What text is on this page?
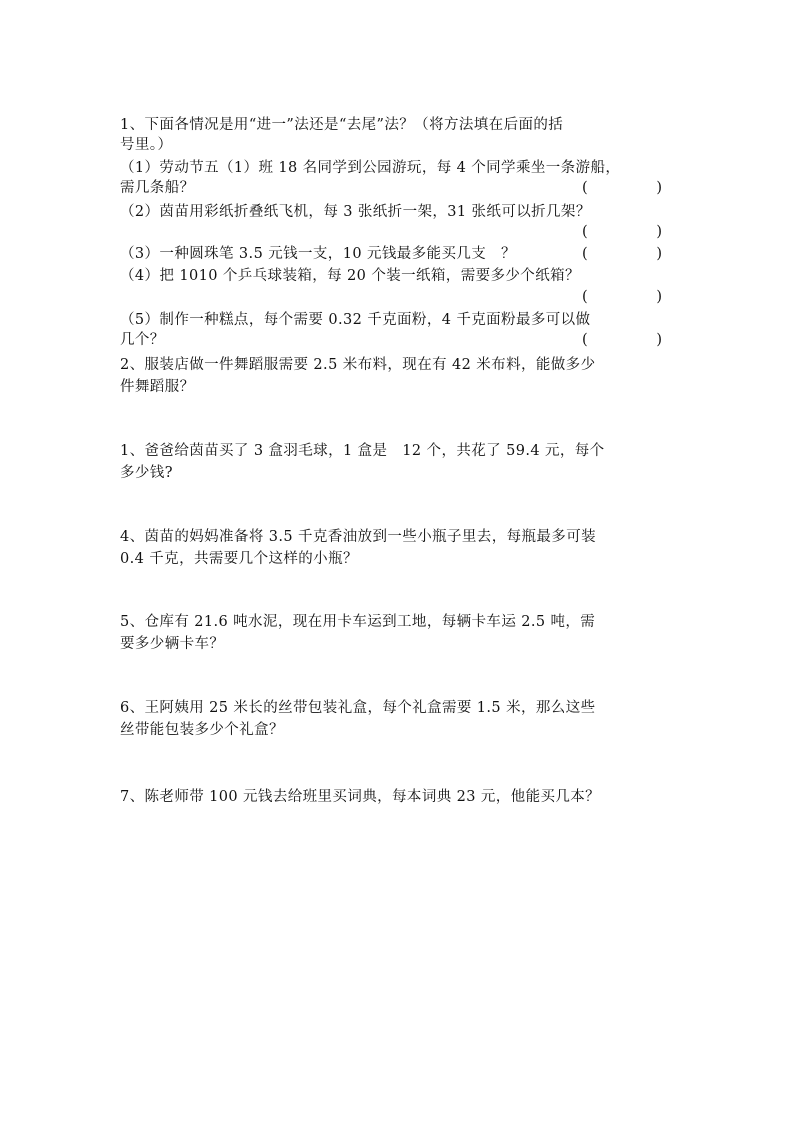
1、下面各情况是用“进一”法还是“去尾”法？（将方法填在后面的括
号里。）
（1）劳动节五（1）班 18 名同学到公园游玩，每 4 个同学乘坐一条游船，
需几条船？	(	)
（2）茵苗用彩纸折叠纸飞机，每 3 张纸折一架，31 张纸可以折几架？
(	)
（3）一种圆珠笔 3.5 元钱一支，10 元钱最多能买几支　？	(	)
（4）把 1010 个乒乓球装箱，每 20 个装一纸箱，需要多少个纸箱？
(	)
（5）制作一种糕点，每个需要 0.32 千克面粉，4 千克面粉最多可以做
几个？	(	)
2、服装店做一件舞蹈服需要 2.5 米布料，现在有 42 米布料，能做多少
件舞蹈服？
1、爸爸给茵苗买了 3 盒羽毛球，1 盒是　12 个，共花了 59.4 元，每个
多少钱?
4、茵苗的妈妈准备将 3.5 千克香油放到一些小瓶子里去，每瓶最多可装
0.4 千克，共需要几个这样的小瓶？
5、仓库有 21.6 吨水泥，现在用卡车运到工地，每辆卡车运 2.5 吨，需
要多少辆卡车？
6、王阿姨用 25 米长的丝带包装礼盒，每个礼盒需要 1.5 米，那么这些
丝带能包装多少个礼盒？
7、陈老师带 100 元钱去给班里买词典，每本词典 23 元，他能买几本？
